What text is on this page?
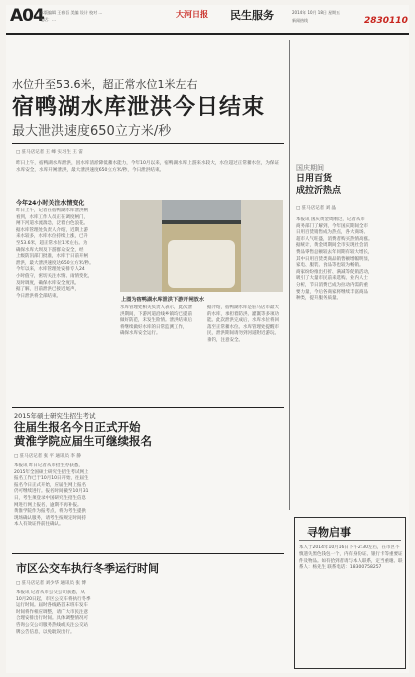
A04
本版编辑 王春吾 美编 设计 校对 …
电话：…
大河日报	民生服务	2014年 10月 18日 星期五
新闻热线	2830110
水位升至53.6米，超正常水位1米左右
宿鸭湖水库泄洪今日结束
最大泄洪速度650立方米/秒
□ 驻马店记者 王 峰 实习生 王 雷
昨日上午，宿鸭湖水库泄洪，因水库清淤降低蓄水能力，今年10月以来，宿鸭湖水库上游来水较大，水位超过正常蓄水位，为保证水库安全，水库开闸泄洪，最大泄洪速度650立方米/秒，今日泄洪结束。
今年24小时关注水情变化
昨日上午，记者在宿鸭湖水库泄洪闸
看到，水库工作人员正在调度闸门，
闸下河道水流湍急，泛着白色浪花。
据水库管理处负责人介绍，近期上游
来水较多，水库水位持续上涨，已升
至53.6米，超正常水位1米左右。为
确保水库大坝及下游群众安全，经
上级防汛部门批准，水库于日前开闸
泄洪，最大泄洪速度达650立方米/秒。
今年以来，水库管理处安排专人24
小时值守，密切关注水情、雨情变化，
及时调度，确保水库安全度汛。
据了解，目前泄洪已接近尾声，
今日泄洪将全部结束。
上图为宿鸭湖水库泄洪下游开闸放水
水库管理处相关负责人表示，此次泄
洪期间，下游河道沿线乡镇均已提前
做好防范，未发生险情。泄洪结束后
将继续做好水库的日常监测工作，
确保水库安全运行。
据介绍，宿鸭湖水库是驻马店市最大
的水库，承担着防洪、灌溉等多项功
能。此次泄洪完成后，水库水位将回
落至正常蓄水位。水库管理处提醒市
民，泄洪期间请勿到河道附近游玩、
垂钓，注意安全。
国庆期间
日用百货
成拉沂热点
□ 驻马店记者 刘 晶
本报讯 国庆黄金周刚过，记者从市
商务部门了解到，今年国庆期间全市
日用百货销售成为热点，各大商场、
超市人气旺盛，消费者购买热情高涨。
据统计，黄金周期间全市实现社会消
费品零售总额较去年同期有较大增长，
其中日用百货类商品销售额增幅明显，
家电、服装、食品等也较为畅销。
商家纷纷推出打折、满减等促销活动，
吸引了大量市民前来选购。业内人士
分析，节日消费已成为拉动内需的重
要力量，今后各商家将继续丰富商品
种类，提升服务质量。
寻物启事
本人于2014年10月16日下午2:30左右，在市区不慎遗失黑色钱包一个，内有身份证、银行卡等重要证件及物品。如有拾到者请与本人联系，定当重谢。联系人：杨先生 联系电话：18300758257
2015年硕士研究生招生考试
往届生报名今日正式开始
黄淮学院应届生可继续报名
□ 驻马店记者 张 平 通讯员 李 静
本报讯 昨日记者从市招生办获悉，
2015年全国硕士研究生招生考试网上
报名工作已于10月10日开始，往届生
报名今日正式开始，应届生网上报名
仍可继续进行。报名时间截至10月31
日，考生须登录中国研究生招生信息
网进行网上报名，逾期不再补报。
黄淮学院作为报考点，将为考生提供
现场确认服务，请考生按规定时间持
本人有效证件前往确认。
市区公交车执行冬季运行时间
□ 驻马店记者 刘少华 通讯员 张 博
本报讯 记者从市公交公司获悉，从
10月20日起，市区公交车将执行冬季
运行时间。届时各线路首末班车发车
时间将作相应调整，请广大市民注意
合理安排出行时间。具体调整情况可
咨询公交公司服务热线或关注公交站
牌公告信息，以免耽误出行。
